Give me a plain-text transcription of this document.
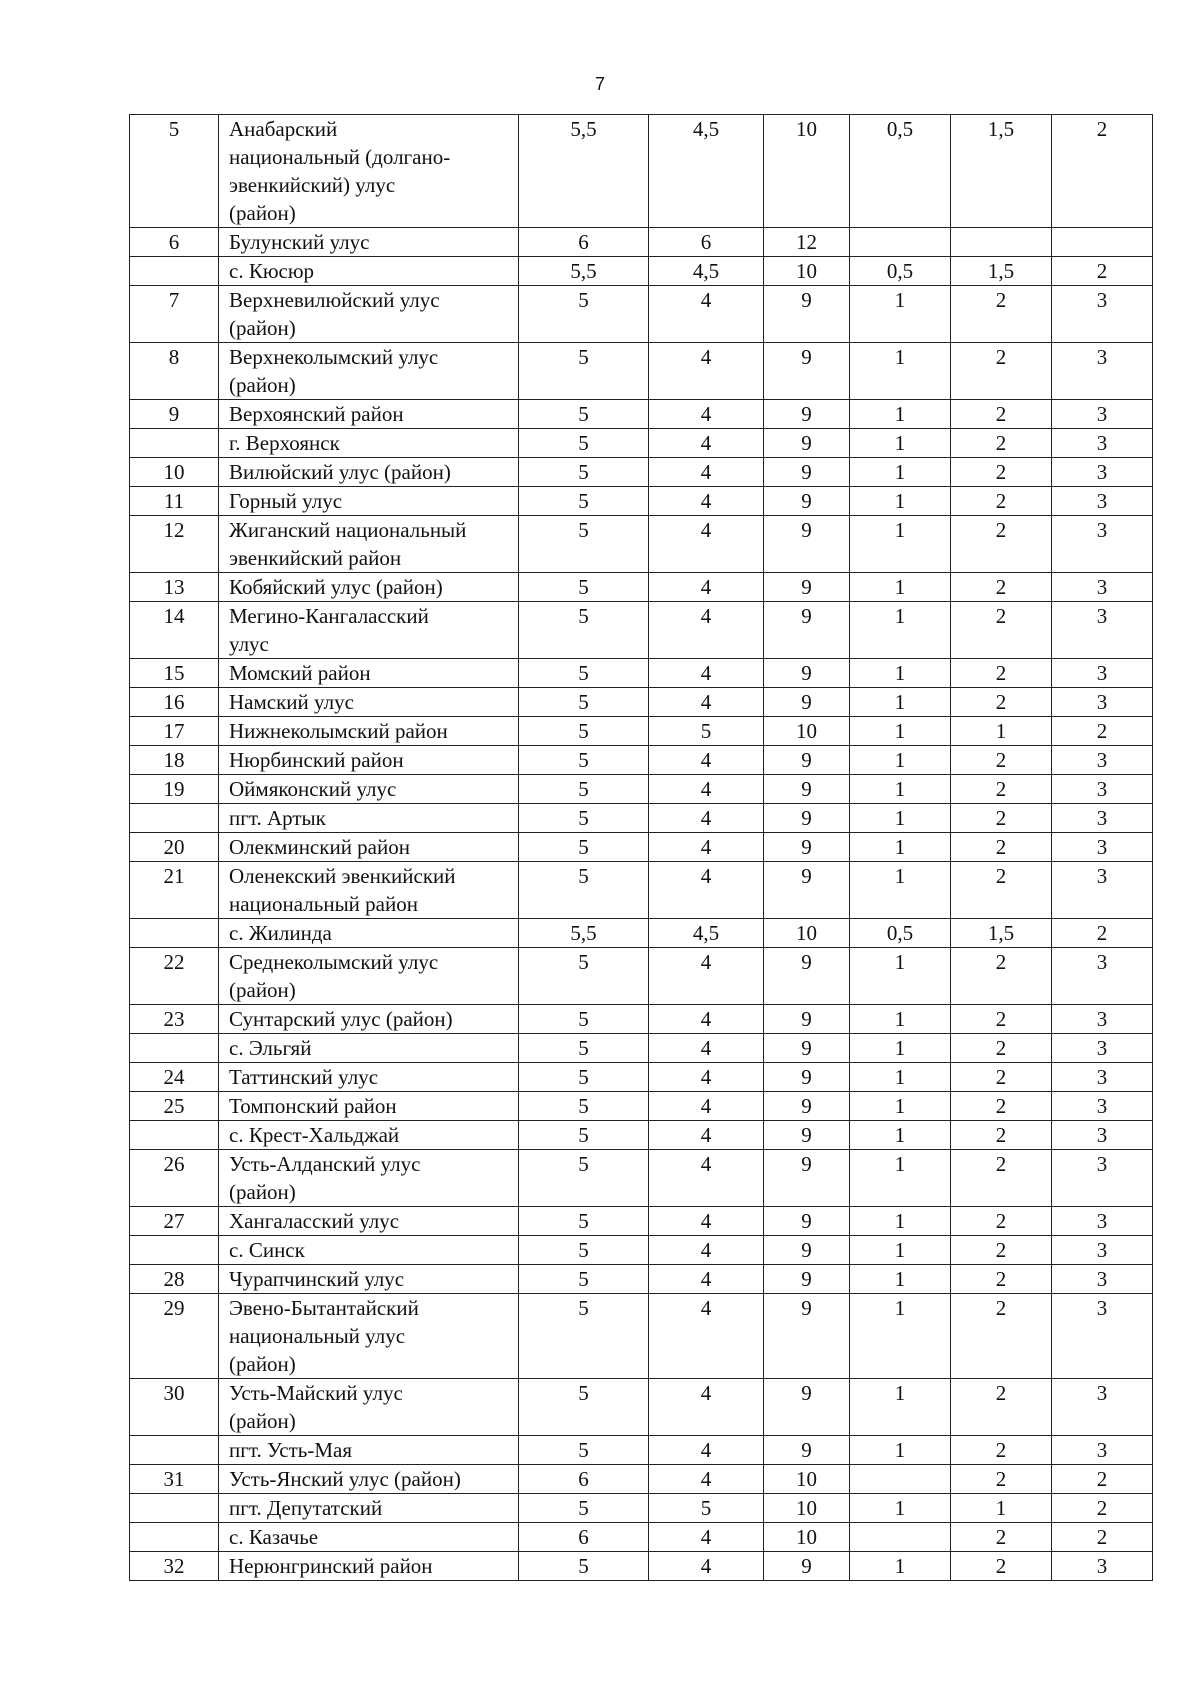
7
5	Анабарский
национальный (долгано-
эвенкийский) улус
(район)	5,5	4,5	10	0,5	1,5	2
6	Булунский улус	6	6	12			
	с. Кюсюр	5,5	4,5	10	0,5	1,5	2
7	Верхневилюйский улус
(район)	5	4	9	1	2	3
8	Верхнеколымский улус
(район)	5	4	9	1	2	3
9	Верхоянский район	5	4	9	1	2	3
	г. Верхоянск	5	4	9	1	2	3
10	Вилюйский улус (район)	5	4	9	1	2	3
11	Горный улус	5	4	9	1	2	3
12	Жиганский национальный
эвенкийский район	5	4	9	1	2	3
13	Кобяйский улус (район)	5	4	9	1	2	3
14	Мегино-Кангаласский
улус	5	4	9	1	2	3
15	Момский район	5	4	9	1	2	3
16	Намский улус	5	4	9	1	2	3
17	Нижнеколымский район	5	5	10	1	1	2
18	Нюрбинский район	5	4	9	1	2	3
19	Оймяконский улус	5	4	9	1	2	3
	пгт. Артык	5	4	9	1	2	3
20	Олекминский район	5	4	9	1	2	3
21	Оленекский эвенкийский
национальный район	5	4	9	1	2	3
	с. Жилинда	5,5	4,5	10	0,5	1,5	2
22	Среднеколымский улус
(район)	5	4	9	1	2	3
23	Сунтарский улус (район)	5	4	9	1	2	3
	с. Эльгяй	5	4	9	1	2	3
24	Таттинский улус	5	4	9	1	2	3
25	Томпонский район	5	4	9	1	2	3
	с. Крест-Хальджай	5	4	9	1	2	3
26	Усть-Алданский улус
(район)	5	4	9	1	2	3
27	Хангаласский улус	5	4	9	1	2	3
	с. Синск	5	4	9	1	2	3
28	Чурапчинский улус	5	4	9	1	2	3
29	Эвено-Бытантайский
национальный улус
(район)	5	4	9	1	2	3
30	Усть-Майский улус
(район)	5	4	9	1	2	3
	пгт. Усть-Мая	5	4	9	1	2	3
31	Усть-Янский улус (район)	6	4	10		2	2
	пгт. Депутатский	5	5	10	1	1	2
	с. Казачье	6	4	10		2	2
32	Нерюнгринский район	5	4	9	1	2	3
